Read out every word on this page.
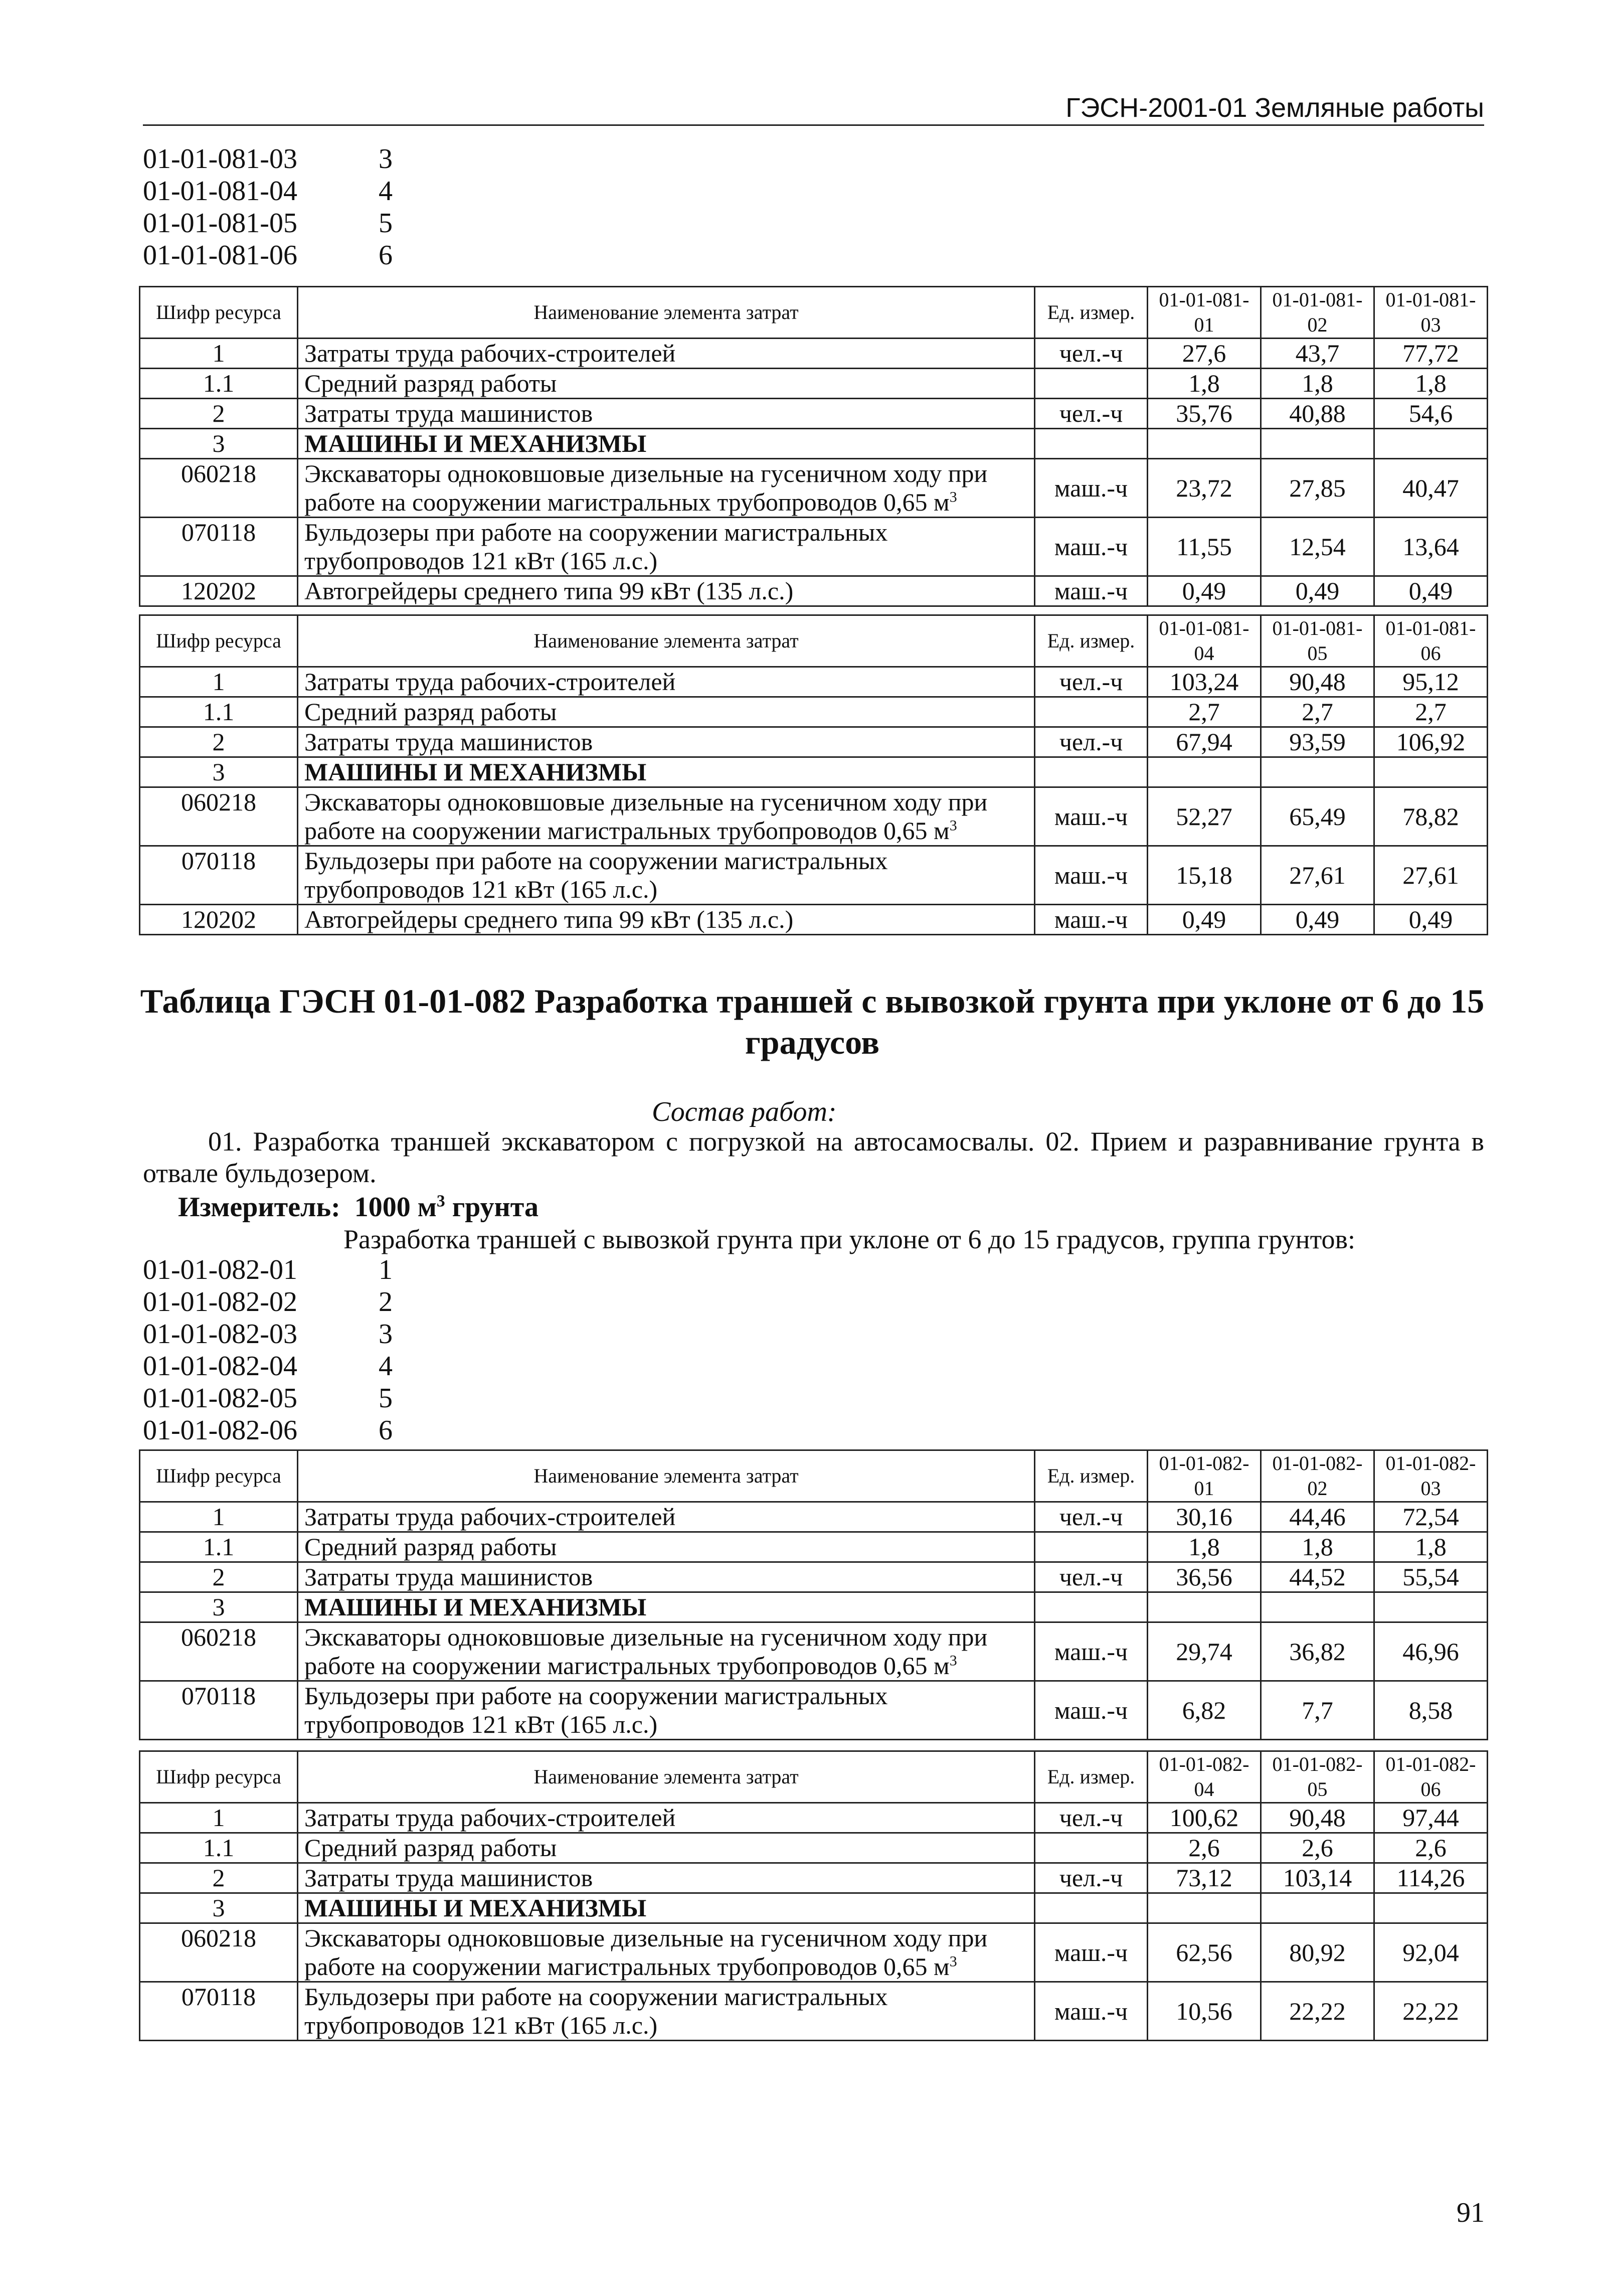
ГЭСН-2001-01 Земляные работы
01-01-081-03	3
01-01-081-04	4
01-01-081-05	5
01-01-081-06	6
Шифр ресурса	Наименование элемента затрат	Ед. измер.	01-01-081-01	01-01-081-02	01-01-081-03
1	Затраты труда рабочих-строителей	чел.-ч	27,6	43,7	77,72
1.1	Средний разряд работы		1,8	1,8	1,8
2	Затраты труда машинистов	чел.-ч	35,76	40,88	54,6
3	МАШИНЫ И МЕХАНИЗМЫ				
060218	Экскаваторы одноковшовые дизельные на гусеничном ходу при работе на сооружении магистральных трубопроводов 0,65 $м^3$	маш.-ч	23,72	27,85	40,47
070118	Бульдозеры при работе на сооружении магистральных трубопроводов 121 кВт (165 л.с.)	маш.-ч	11,55	12,54	13,64
120202	Автогрейдеры среднего типа 99 кВт (135 л.с.)	маш.-ч	0,49	0,49	0,49
Шифр ресурса	Наименование элемента затрат	Ед. измер.	01-01-081-04	01-01-081-05	01-01-081-06
1	Затраты труда рабочих-строителей	чел.-ч	103,24	90,48	95,12
1.1	Средний разряд работы		2,7	2,7	2,7
2	Затраты труда машинистов	чел.-ч	67,94	93,59	106,92
3	МАШИНЫ И МЕХАНИЗМЫ				
060218	Экскаваторы одноковшовые дизельные на гусеничном ходу при работе на сооружении магистральных трубопроводов 0,65 $м^3$	маш.-ч	52,27	65,49	78,82
070118	Бульдозеры при работе на сооружении магистральных трубопроводов 121 кВт (165 л.с.)	маш.-ч	15,18	27,61	27,61
120202	Автогрейдеры среднего типа 99 кВт (135 л.с.)	маш.-ч	0,49	0,49	0,49
Таблица ГЭСН 01-01-082 Разработка траншей с вывозкой грунта при уклоне от 6 до 15 градусов
Состав работ:
01. Разработка траншей экскаватором с погрузкой на автосамосвалы. 02. Прием и разравнивание грунта в отвале бульдозером.
Измеритель: 1000 $м^3$ грунта
Разработка траншей с вывозкой грунта при уклоне от 6 до 15 градусов, группа грунтов:
01-01-082-01	1
01-01-082-02	2
01-01-082-03	3
01-01-082-04	4
01-01-082-05	5
01-01-082-06	6
Шифр ресурса	Наименование элемента затрат	Ед. измер.	01-01-082-01	01-01-082-02	01-01-082-03
1	Затраты труда рабочих-строителей	чел.-ч	30,16	44,46	72,54
1.1	Средний разряд работы		1,8	1,8	1,8
2	Затраты труда машинистов	чел.-ч	36,56	44,52	55,54
3	МАШИНЫ И МЕХАНИЗМЫ				
060218	Экскаваторы одноковшовые дизельные на гусеничном ходу при работе на сооружении магистральных трубопроводов 0,65 $м^3$	маш.-ч	29,74	36,82	46,96
070118	Бульдозеры при работе на сооружении магистральных трубопроводов 121 кВт (165 л.с.)	маш.-ч	6,82	7,7	8,58
Шифр ресурса	Наименование элемента затрат	Ед. измер.	01-01-082-04	01-01-082-05	01-01-082-06
1	Затраты труда рабочих-строителей	чел.-ч	100,62	90,48	97,44
1.1	Средний разряд работы		2,6	2,6	2,6
2	Затраты труда машинистов	чел.-ч	73,12	103,14	114,26
3	МАШИНЫ И МЕХАНИЗМЫ				
060218	Экскаваторы одноковшовые дизельные на гусеничном ходу при работе на сооружении магистральных трубопроводов 0,65 $м^3$	маш.-ч	62,56	80,92	92,04
070118	Бульдозеры при работе на сооружении магистральных трубопроводов 121 кВт (165 л.с.)	маш.-ч	10,56	22,22	22,22
91
